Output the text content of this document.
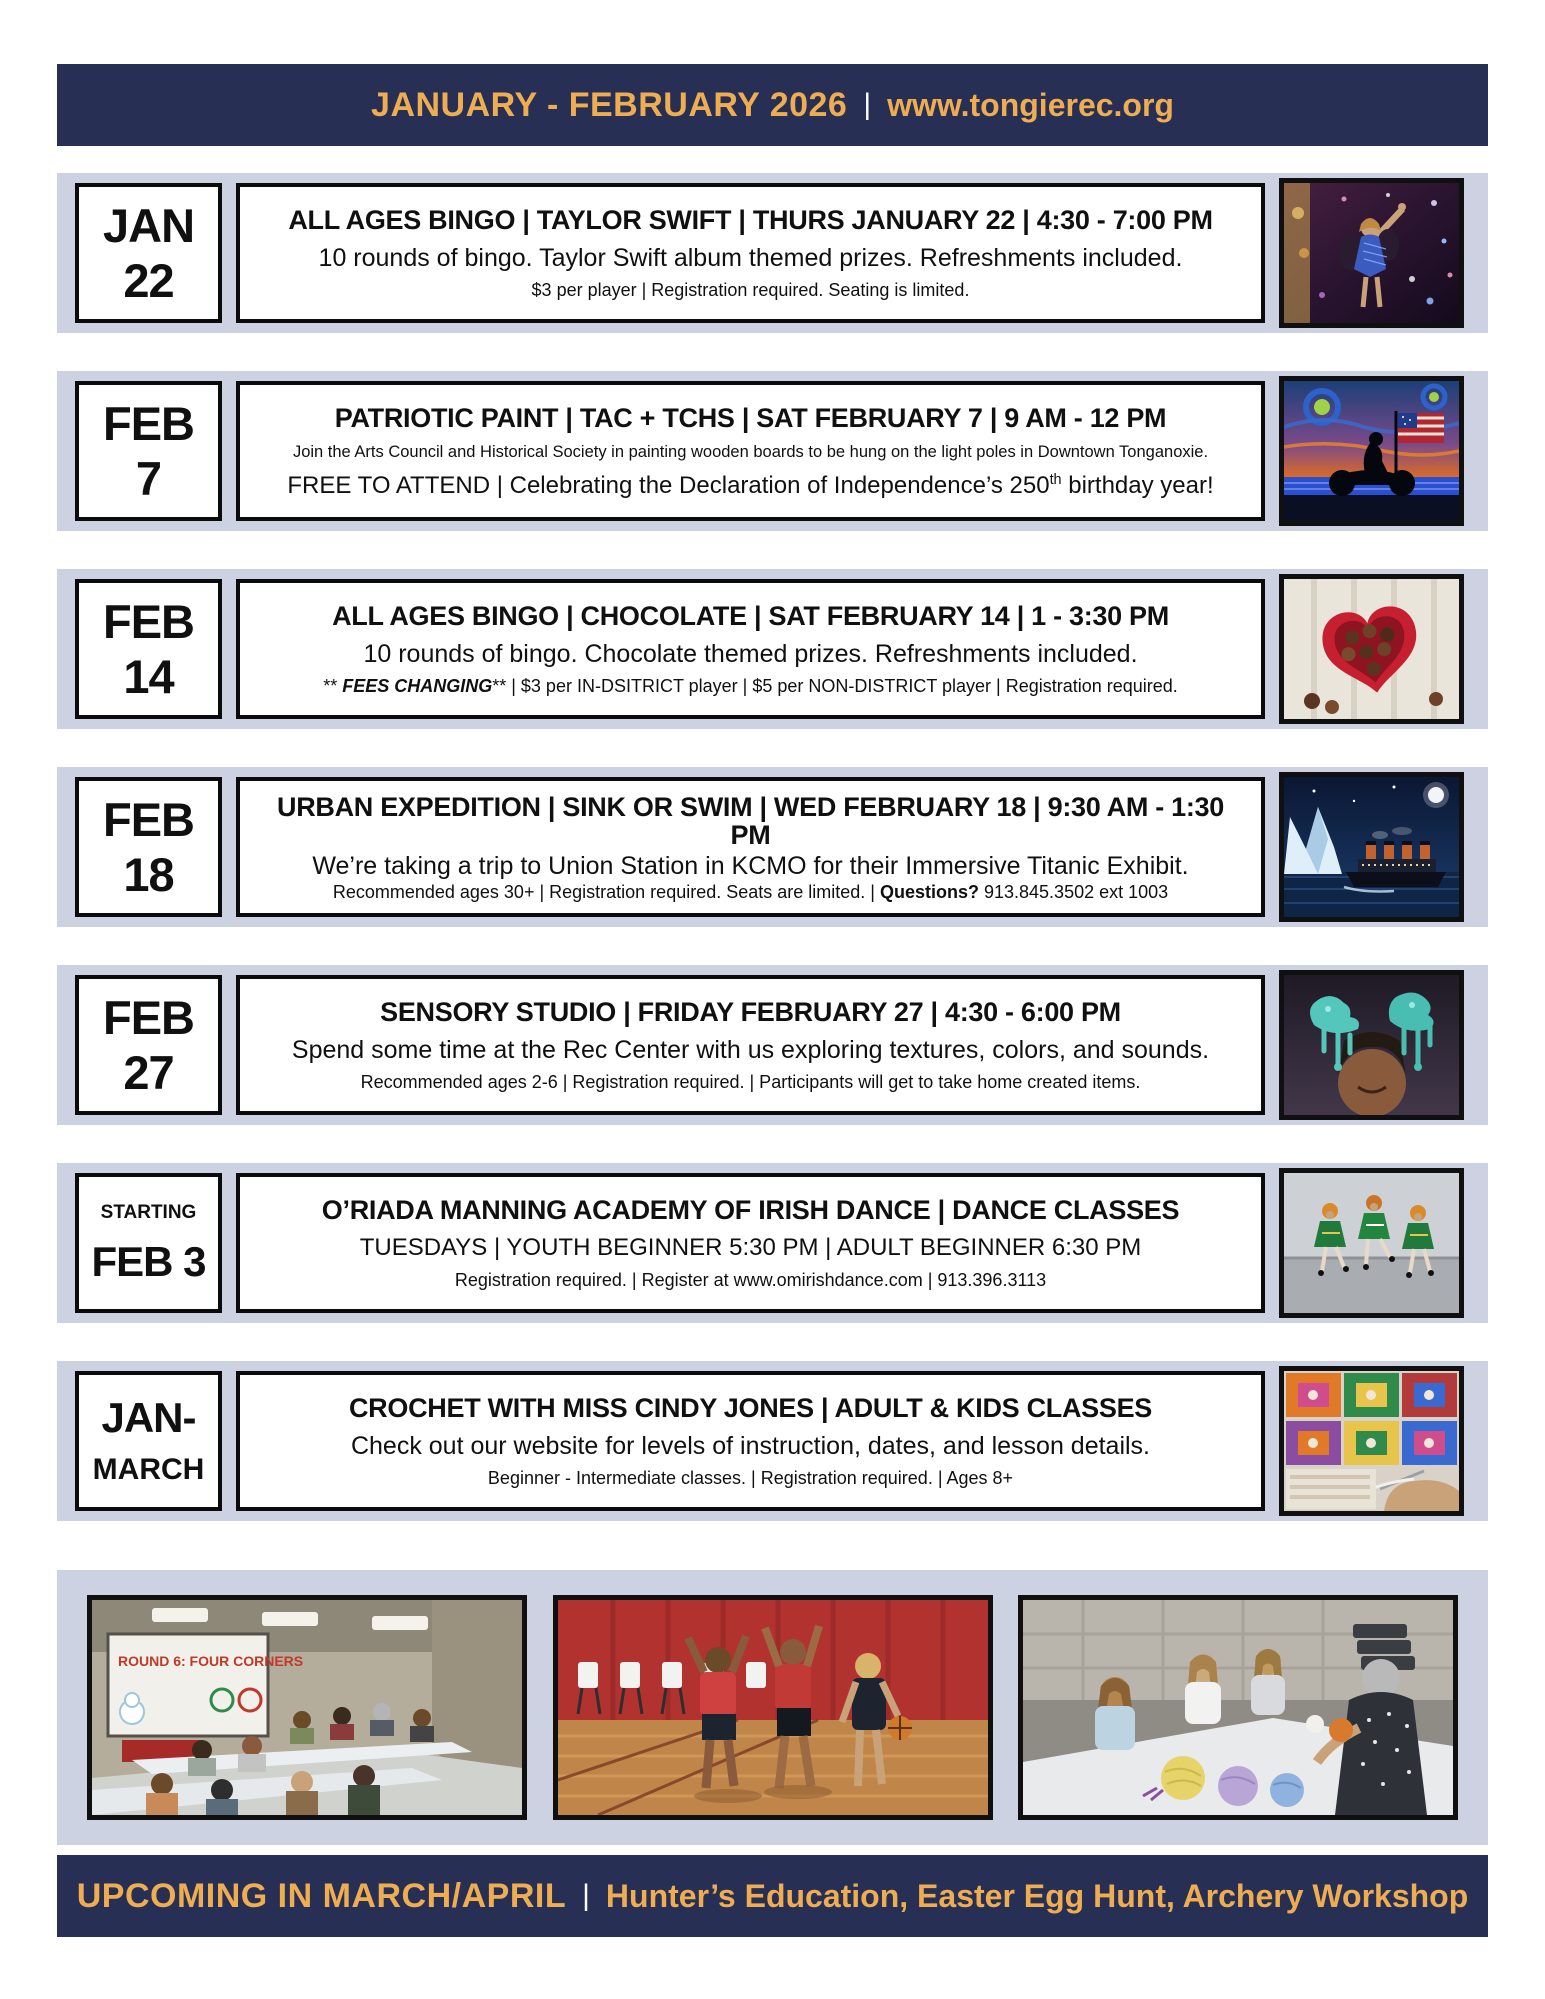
JANUARY - FEBRUARY 2026 | www.tongierec.org
JAN
22
ALL AGES BINGO | TAYLOR SWIFT | THURS JANUARY 22 | 4:30 - 7:00 PM
10 rounds of bingo. Taylor Swift album themed prizes. Refreshments included.
$3 per player | Registration required. Seating is limited.
FEB
7
PATRIOTIC PAINT | TAC + TCHS | SAT FEBRUARY 7 | 9 AM - 12 PM
Join the Arts Council and Historical Society in painting wooden boards to be hung on the light poles in Downtown Tonganoxie.
FREE TO ATTEND | Celebrating the Declaration of Independence’s 250th birthday year!
FEB
14
ALL AGES BINGO | CHOCOLATE | SAT FEBRUARY 14 | 1 - 3:30 PM
10 rounds of bingo. Chocolate themed prizes. Refreshments included.
** FEES CHANGING** | $3 per IN-DSITRICT player | $5 per NON-DISTRICT player | Registration required.
FEB
18
URBAN EXPEDITION | SINK OR SWIM | WED FEBRUARY 18 | 9:30 AM - 1:30 PM
We’re taking a trip to Union Station in KCMO for their Immersive Titanic Exhibit.
Recommended ages 30+ | Registration required. Seats are limited. | Questions? 913.845.3502 ext 1003
FEB
27
SENSORY STUDIO | FRIDAY FEBRUARY 27 | 4:30 - 6:00 PM
Spend some time at the Rec Center with us exploring textures, colors, and sounds.
Recommended ages 2-6 | Registration required. | Participants will get to take home created items.
STARTING
FEB 3
O’RIADA MANNING ACADEMY OF IRISH DANCE | DANCE CLASSES
TUESDAYS | YOUTH BEGINNER 5:30 PM | ADULT BEGINNER 6:30 PM
Registration required. | Register at www.omirishdance.com | 913.396.3113
JAN-
MARCH
CROCHET WITH MISS CINDY JONES | ADULT & KIDS CLASSES
Check out our website for levels of instruction, dates, and lesson details.
Beginner - Intermediate classes. | Registration required. | Ages 8+
ROUND 6: FOUR CORNERS
UPCOMING IN MARCH/APRIL | Hunter’s Education, Easter Egg Hunt, Archery Workshop
